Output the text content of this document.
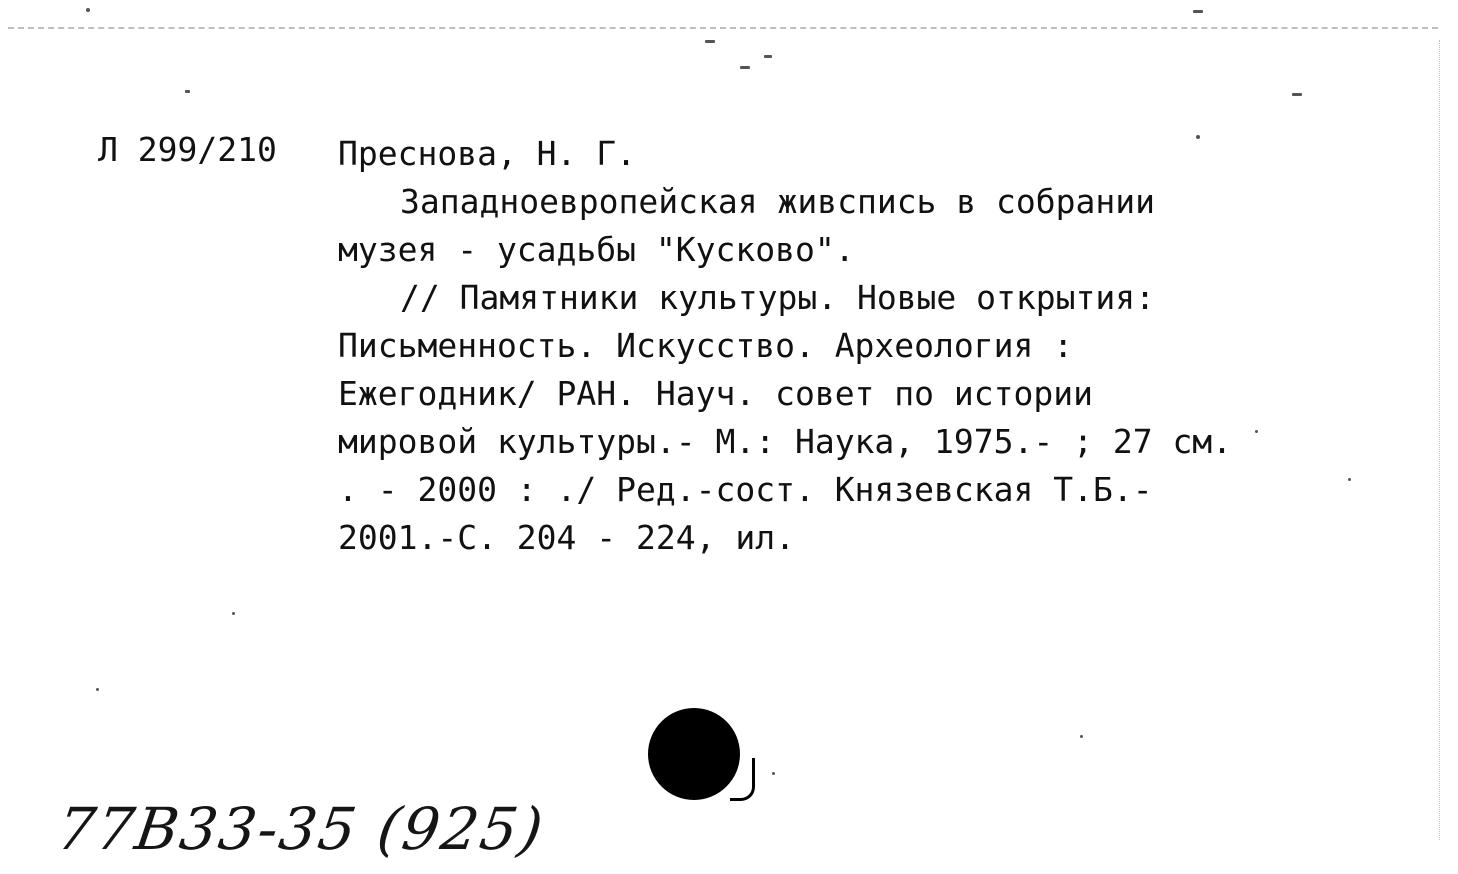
Л 299/210 Преснова, Н. Г.
Западноевропейская живспись в собрании
музея - усадьбы "Кусково".
// Памятники культуры. Новые открытия:
Письменность. Искусство. Археология :
Ежегодник/ РАН. Науч. совет по истории
мировой культуры.- М.: Наука, 1975.- ; 27 см.
. - 2000 : ./ Ред.-сост. Князевская Т.Б.-
2001.-С. 204 - 224, ил.
77B33-35 (925)
